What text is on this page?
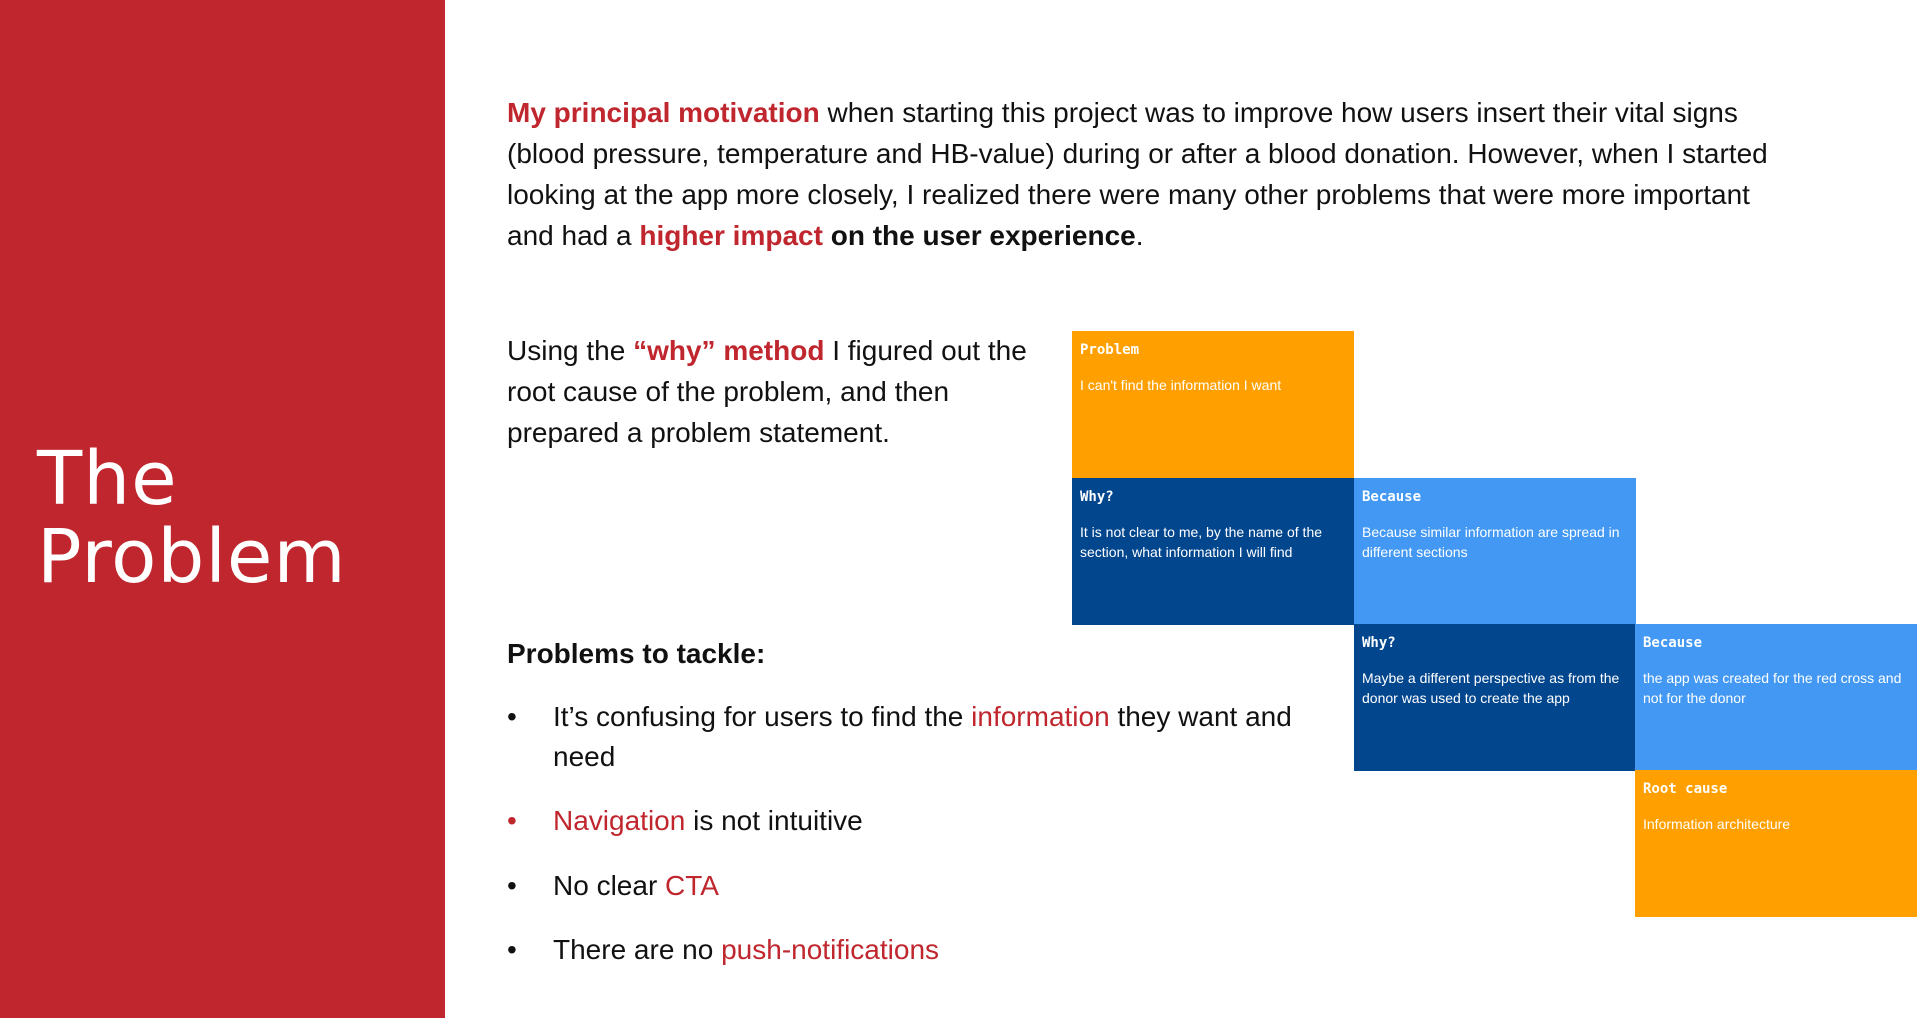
The
Problem

My principal motivation when starting this project was to improve how users insert their vital signs (blood pressure, temperature and HB-value) during or after a blood donation. However, when I started looking at the app more closely, I realized there were many other problems that were more important and had a higher impact on the user experience.

Using the “why” method I figured out the root cause of the problem, and then prepared a problem statement.

Problems to tackle:
•	It’s confusing for users to find the information they want and need
•	Navigation is not intuitive
•	No clear CTA
•	There are no push-notifications
Problem
I can't find the information I want
Why?
It is not clear to me, by the name of the section, what information I will find
Because
Because similar information are spread in different sections
Why?
Maybe a different perspective as from the donor was used to create the app
Because
the app was created for the red cross and not for the donor
Root cause
Information architecture
